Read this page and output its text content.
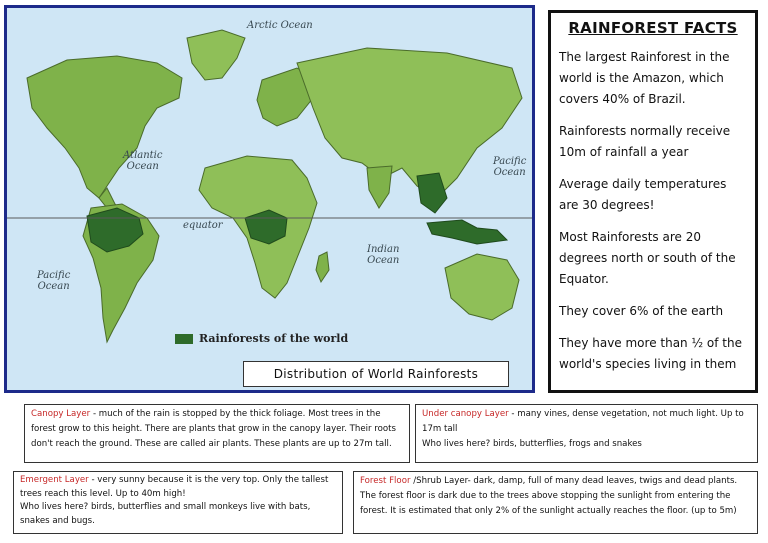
Arctic Ocean
Atlantic
Ocean	Pacific
Ocean
Pacific
Ocean
Indian
Ocean
equator
Rainforests of the world
Distribution of World Rainforests
RAINFOREST FACTS

The largest Rainforest in the world is the Amazon, which covers 40% of Brazil.

Rainforests normally receive 10m of rainfall a year

Average daily temperatures are 30 degrees!

Most Rainforests are 20 degrees north or south of the Equator.

They cover 6% of the earth

They have more than ½ of the world's species living in them

Canopy Layer - much of the rain is stopped by the thick foliage. Most trees in the
forest grow to this height. There are plants that grow in the canopy layer. Their roots
don't reach the ground. These are called air plants. These plants are up to 27m tall.
Under canopy Layer - many vines, dense vegetation, not much light. Up to
17m tall
Who lives here? birds, butterflies, frogs and snakes
Emergent Layer - very sunny because it is the very top. Only the tallest
trees reach this level. Up to 40m high!
Who lives here? birds, butterflies and small monkeys live with bats,
snakes and bugs.
Forest Floor /Shrub Layer- dark, damp, full of many dead leaves, twigs and dead plants.
The forest floor is dark due to the trees above stopping the sunlight from entering the
forest. It is estimated that only 2% of the sunlight actually reaches the floor. (up to 5m)
